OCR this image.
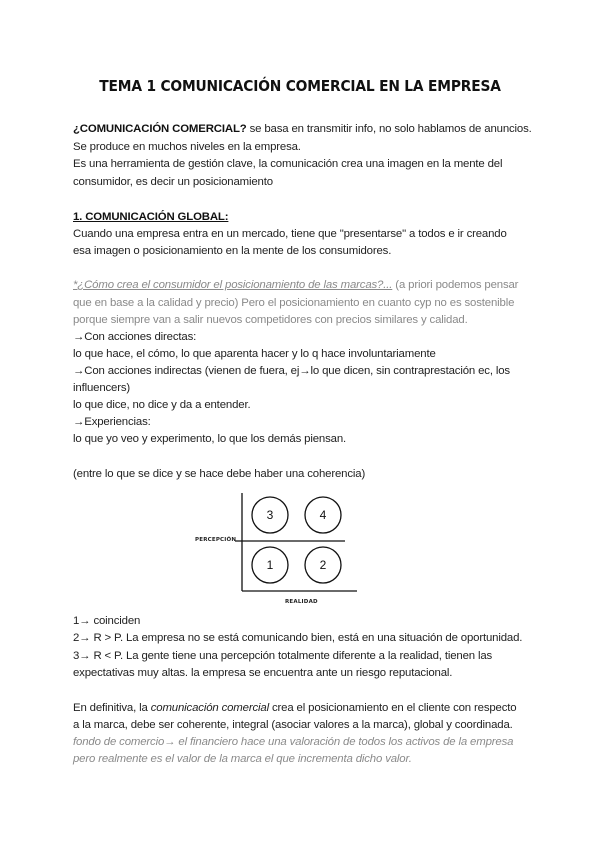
TEMA 1 COMUNICACIÓN COMERCIAL EN LA EMPRESA
¿COMUNICACIÓN COMERCIAL? se basa en transmitir info, no solo hablamos de anuncios.
Se produce en muchos niveles en la empresa.
Es una herramienta de gestión clave, la comunicación crea una imagen en la mente del
consumidor, es decir un posicionamiento
1. COMUNICACIÓN GLOBAL:
Cuando una empresa entra en un mercado, tiene que "presentarse" a todos e ir creando
esa imagen o posicionamiento en la mente de los consumidores.
*¿Cómo crea el consumidor el posicionamiento de las marcas?... (a priori podemos pensar
que en base a la calidad y precio) Pero el posicionamiento en cuanto cyp no es sostenible
porque siempre van a salir nuevos competidores con precios similares y calidad.
→Con acciones directas:
lo que hace, el cómo, lo que aparenta hacer y lo q hace involuntariamente
→Con acciones indirectas (vienen de fuera, ej→lo que dicen, sin contraprestación ec, los
influencers)
lo que dice, no dice y da a entender.
→Experiencias:
lo que yo veo y experimento, lo que los demás piensan.
(entre lo que se dice y se hace debe haber una coherencia)
PERCEPCIÓN
REALIDAD
3	4
1	2
1→ coinciden
2→ R > P. La empresa no se está comunicando bien, está en una situación de oportunidad.
3→ R < P. La gente tiene una percepción totalmente diferente a la realidad, tienen las
expectativas muy altas. la empresa se encuentra ante un riesgo reputacional.
En definitiva, la comunicación comercial crea el posicionamiento en el cliente con respecto
a la marca, debe ser coherente, integral (asociar valores a la marca), global y coordinada.
fondo de comercio→ el financiero hace una valoración de todos los activos de la empresa
pero realmente es el valor de la marca el que incrementa dicho valor.
